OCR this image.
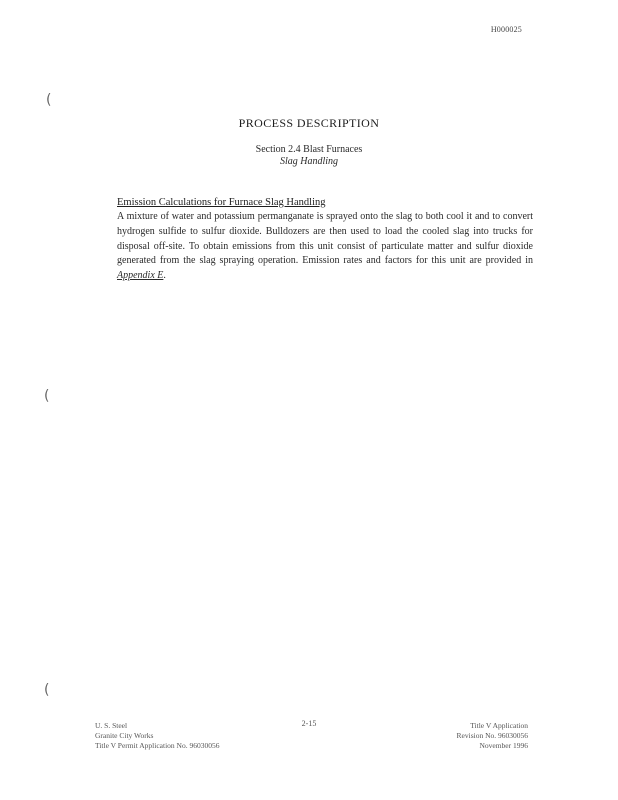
H000025
(
(
(
PROCESS DESCRIPTION
Section 2.4 Blast Furnaces
Slag Handling
Emission Calculations for Furnace Slag Handling
A mixture of water and potassium permanganate is sprayed onto the slag to both cool it and to convert hydrogen sulfide to sulfur dioxide. Bulldozers are then used to load the cooled slag into trucks for disposal off-site. To obtain emissions from this unit consist of particulate matter and sulfur dioxide generated from the slag spraying operation. Emission rates and factors for this unit are provided in Appendix E.
U. S. Steel
Granite City Works
Title V Permit Application No. 96030056
2-15	Title V Application
Revision No. 96030056
November 1996
